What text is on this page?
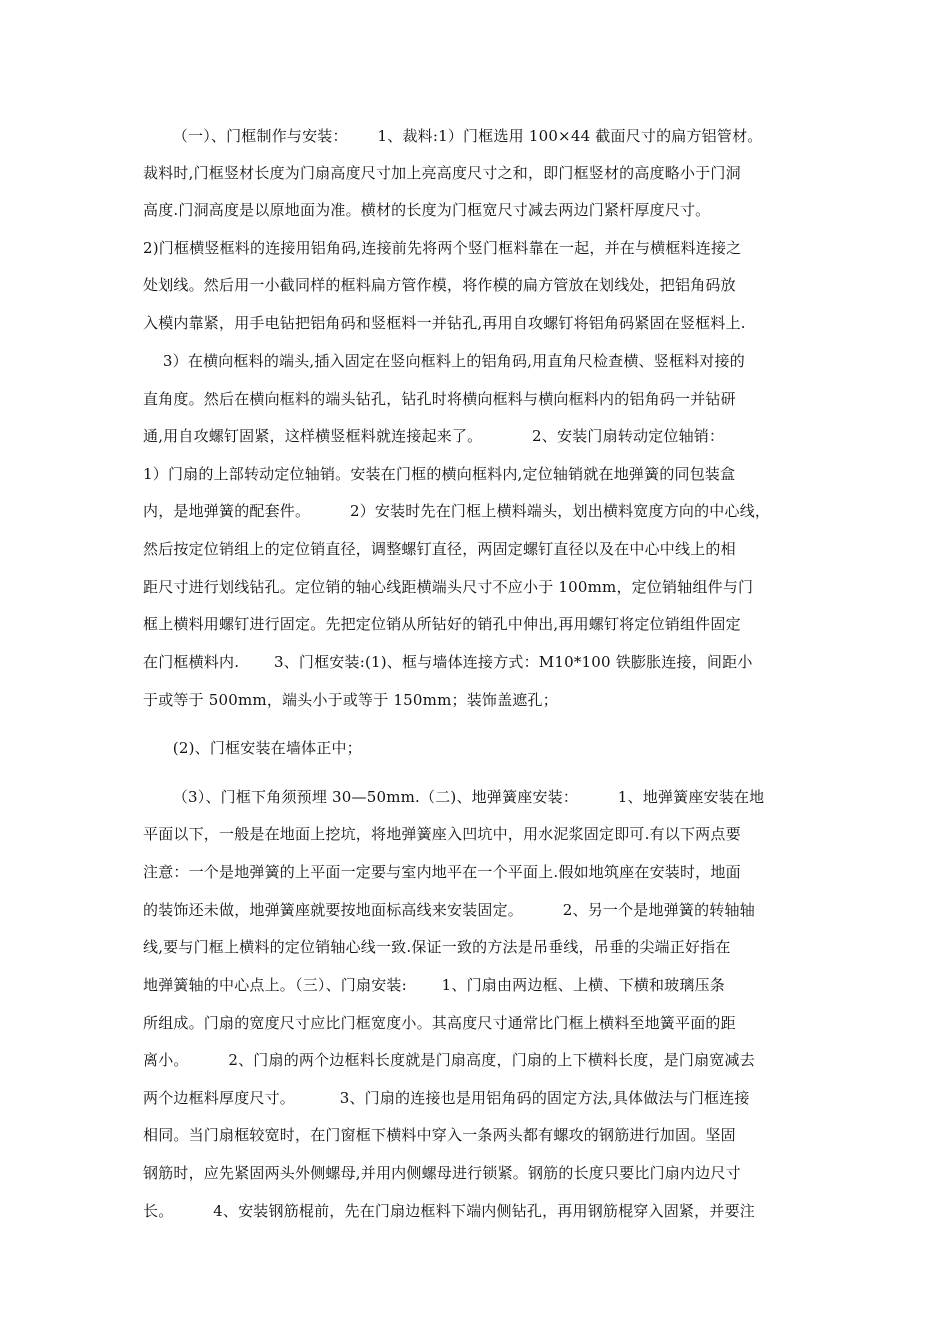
（一）、门框制作与安装：      1、裁料:1）门框选用 100×44 截面尺寸的扁方铝管材。
裁料时,门框竖材长度为门扇高度尺寸加上亮高度尺寸之和，即门框竖材的高度略小于门洞
高度.门洞高度是以原地面为准。横材的长度为门框宽尺寸减去两边门紧杆厚度尺寸。
2)门框横竖框料的连接用铝角码,连接前先将两个竖门框料靠在一起，并在与横框料连接之
处划线。然后用一小截同样的框料扁方管作模，将作模的扁方管放在划线处，把铝角码放
入模内靠紧，用手电钻把铝角码和竖框料一并钻孔,再用自攻螺钉将铝角码紧固在竖框料上.
3）在横向框料的端头,插入固定在竖向框料上的铝角码,用直角尺检查横、竖框料对接的
直角度。然后在横向框料的端头钻孔，钻孔时将横向框料与横向框料内的铝角码一并钻研
通,用自攻螺钉固紧，这样横竖框料就连接起来了。          2、安装门扇转动定位轴销：
1）门扇的上部转动定位轴销。安装在门框的横向框料内,定位轴销就在地弹簧的同包装盒
内，是地弹簧的配套件。        2）安装时先在门框上横料端头，划出横料宽度方向的中心线，
然后按定位销组上的定位销直径，调整螺钉直径，两固定螺钉直径以及在中心中线上的相
距尺寸进行划线钻孔。定位销的轴心线距横端头尺寸不应小于 100mm，定位销轴组件与门
框上横料用螺钉进行固定。先把定位销从所钻好的销孔中伸出,再用螺钉将定位销组件固定
在门框横料内.       3、门框安装:(1)、框与墙体连接方式：M10*100 铁膨胀连接，间距小
于或等于 500mm，端头小于或等于 150mm；装饰盖遮孔；
(2)、门框安装在墙体正中；
（3）、门框下角须预埋 30—50mm.（二)、地弹簧座安装：        1、地弹簧座安装在地
平面以下，一般是在地面上挖坑，将地弹簧座入凹坑中，用水泥浆固定即可.有以下两点要
注意：一个是地弹簧的上平面一定要与室内地平在一个平面上.假如地筑座在安装时，地面
的装饰还未做，地弹簧座就要按地面标高线来安装固定。        2、另一个是地弹簧的转轴轴
线,要与门框上横料的定位销轴心线一致.保证一致的方法是吊垂线，吊垂的尖端正好指在
地弹簧轴的中心点上。（三）、门扇安装:       1、门扇由两边框、上横、下横和玻璃压条
所组成。门扇的宽度尺寸应比门框宽度小。其高度尺寸通常比门框上横料至地簧平面的距
离小。        2、门扇的两个边框料长度就是门扇高度，门扇的上下横料长度，是门扇宽减去
两个边框料厚度尺寸。         3、门扇的连接也是用铝角码的固定方法,具体做法与门框连接
相同。当门扇框较宽时，在门窗框下横料中穿入一条两头都有螺攻的钢筋进行加固。坚固
钢筋时，应先紧固两头外侧螺母,并用内侧螺母进行锁紧。钢筋的长度只要比门扇内边尺寸
长。        4、安装钢筋棍前，先在门扇边框料下端内侧钻孔，再用钢筋棍穿入固紧，并要注
